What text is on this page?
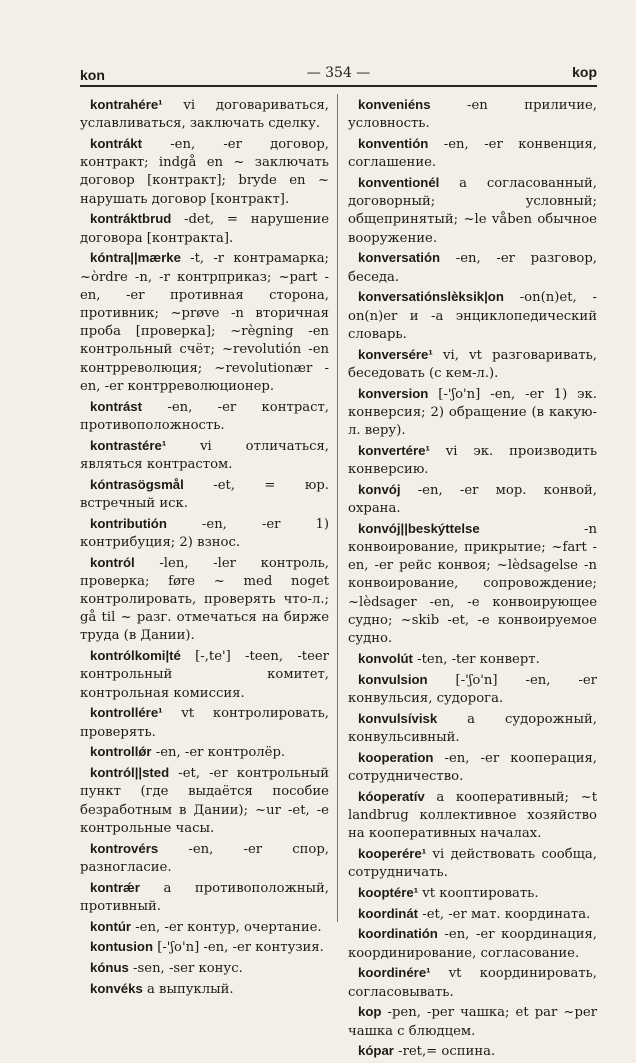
kon	— 354 —	kop

kontrahére¹ vi договариваться, уславливаться, заключать сделку.

kontrákt -en, -er договор, контракт; indgå en ~ заключать договор [контракт]; bryde en ~ нарушать договор [контракт].

kontráktbrud -det, = нарушение договора [контракта].

kóntra||mærke -t, -r контрамарка; ~òrdre -n, -r контрприказ; ~part -en, -er противная сторона, противник; ~prøve -n вторичная проба [проверка]; ~règning -en контрольный счёт; ~revolutión -en контрреволюция; ~revolutionær -en, -er контрреволюционер.

kontrást -en, -er контраст, противоположность.

kontrastére¹ vi отличаться, являться контрастом.

kóntrasögsmål -et, = юр. встречный иск.

kontributión -en, -er 1) контрибуция; 2) взнос.

kontról -len, -ler контроль, проверка; føre ~ med noget контролировать, проверять что-л.; gå til ~ разг. отмечаться на бирже труда (в Дании).

kontrólkomi|té [-,te'] -teen, -teer контрольный комитет, контрольная комиссия.

kontrollére¹ vt контролировать, проверять.

kontrollǿr -en, -er контролёр.

kontról||sted -et, -er контрольный пункт (где выдаётся пособие безработным в Дании); ~ur -et, -e контрольные часы.

kontrovérs -en, -er спор, разногласие.

kontrǽr a противоположный, противный.

kontúr -en, -er контур, очертание.

kontusion [-'ʃo'n] -en, -er контузия.

kónus -sen, -ser конус.

konvéks a выпуклый.

konveniéns -en приличие, условность.

konventión -en, -er конвенция, соглашение.

konventionél a согласованный, договорный; условный; общепринятый; ~le våben обычное вооружение.

konversatión -en, -er разговор, беседа.

konversatiónslèksik|on -on(n)et, -on(n)er и -a энциклопедический словарь.

konversére¹ vi, vt разговаривать, беседовать (с кем-л.).

konversion [-'ʃo'n] -en, -er 1) эк. конверсия; 2) обращение (в какую-л. веру).

konvertére¹ vi эк. производить конверсию.

konvój -en, -er мор. конвой, охрана.

konvój||beskýttelse -n конвоирование, прикрытие; ~fart -en, -er рейс конвоя; ~lèdsagelse -n конвоирование, сопровождение; ~lèdsager -en, -e конвоирующее судно; ~skib -et, -e конвоируемое судно.

konvolút -ten, -ter конверт.

konvulsion [-'ʃo'n] -en, -er конвульсия, судорога.

konvulsívisk a судорожный, конвульсивный.

kooperation -en, -er кооперация, сотрудничество.

kóoperatív a кооперативный; ~t landbrug коллективное хозяйство на кооперативных началах.

kooperére¹ vi действовать сообща, сотрудничать.

kooptére¹ vt кооптировать.

koordinát -et, -er мат. координата.

koordinatión -en, -er координация, координирование, согласование.

koordinére¹ vt координировать, согласовывать.

kop -pen, -per чашка; et par ~per чашка с блюдцем.

kópar -ret,= оспина.
